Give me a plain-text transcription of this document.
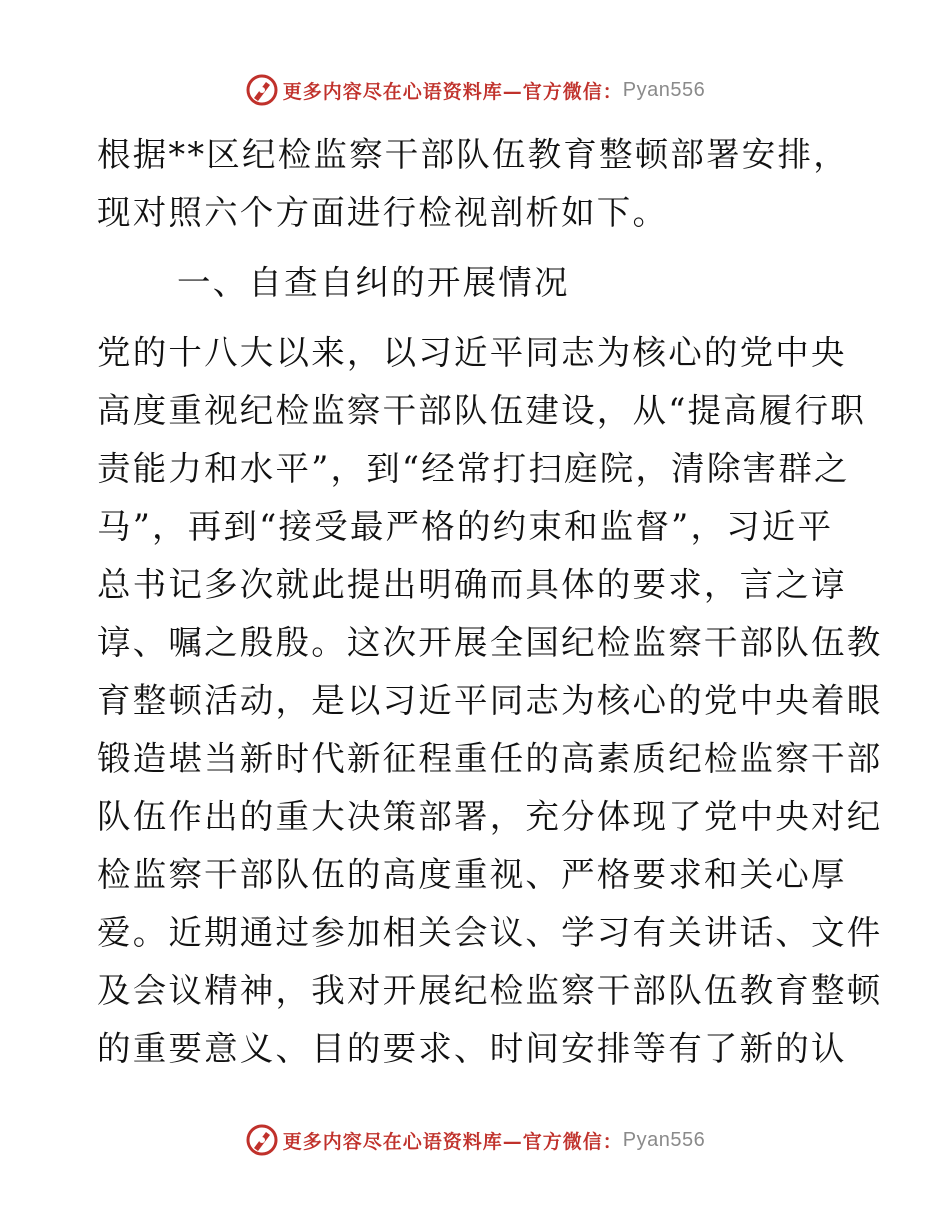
更多内容尽在心语资料库—官方微信： Pyan556
根据**区纪检监察干部队伍教育整顿部署安排，
现对照六个方面进行检视剖析如下。
一、自查自纠的开展情况
党的十八大以来，以习近平同志为核心的党中央
高度重视纪检监察干部队伍建设，从“提高履行职
责能力和水平”，到“经常打扫庭院，清除害群之
马”，再到“接受最严格的约束和监督”，习近平
总书记多次就此提出明确而具体的要求，言之谆
谆、嘱之殷殷。这次开展全国纪检监察干部队伍教
育整顿活动，是以习近平同志为核心的党中央着眼
锻造堪当新时代新征程重任的高素质纪检监察干部
队伍作出的重大决策部署，充分体现了党中央对纪
检监察干部队伍的高度重视、严格要求和关心厚
爱。近期通过参加相关会议、学习有关讲话、文件
及会议精神，我对开展纪检监察干部队伍教育整顿
的重要意义、目的要求、时间安排等有了新的认
更多内容尽在心语资料库—官方微信： Pyan556
